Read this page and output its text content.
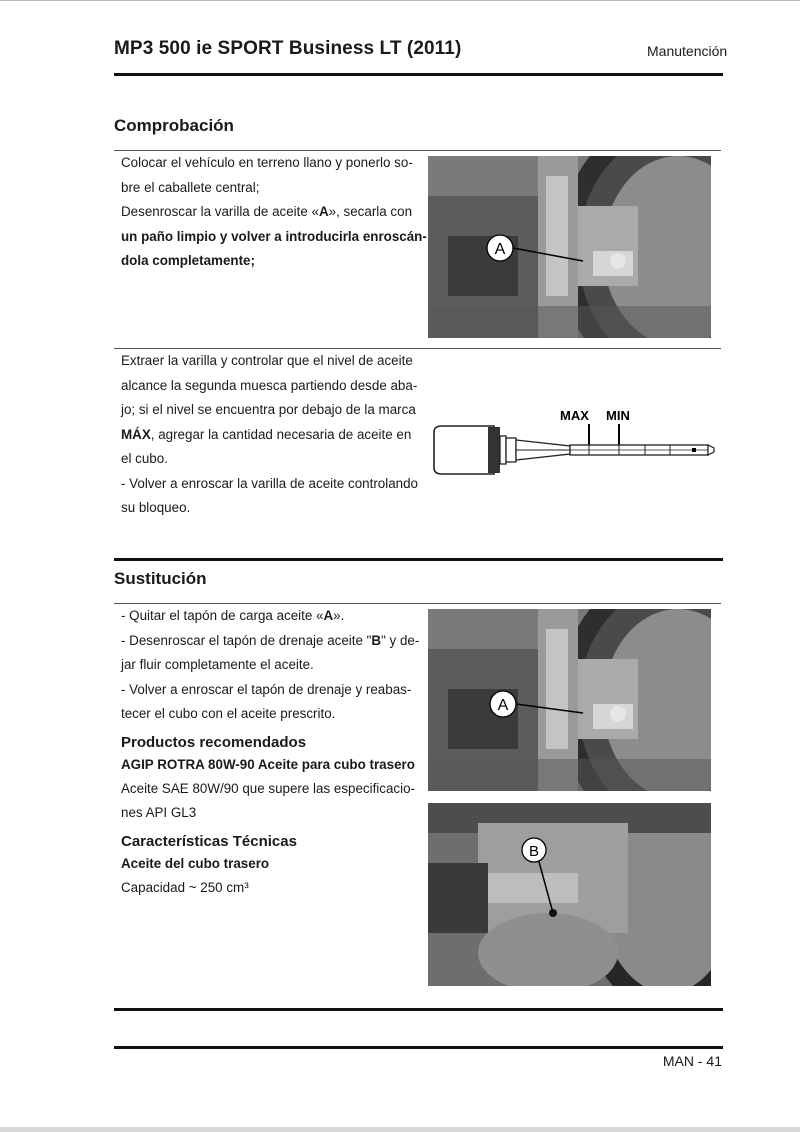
MP3 500 ie SPORT Business LT (2011)	Manutención
Comprobación
Colocar el vehículo en terreno llano y ponerlo so-
bre el caballete central;
Desenroscar la varilla de aceite «A», secarla con
un paño limpio y volver a introducirla enroscán-
dola completamente;
A
Extraer la varilla y controlar que el nivel de aceite
alcance la segunda muesca partiendo desde aba-
jo; si el nivel se encuentra por debajo de la marca
MÁX, agregar la cantidad necesaria de aceite en
el cubo.
- Volver a enroscar la varilla de aceite controlando
su bloqueo.
MAX MIN
Sustitución
- Quitar el tapón de carga aceite «A».
- Desenroscar el tapón de drenaje aceite "B" y de-
jar fluir completamente el aceite.
- Volver a enroscar el tapón de drenaje y reabas-
tecer el cubo con el aceite prescrito.
Productos recomendados
AGIP ROTRA 80W-90 Aceite para cubo trasero
Aceite SAE 80W/90 que supere las especificacio-
nes API GL3
Características Técnicas
Aceite del cubo trasero
Capacidad ~ 250 cm³
A
B
MAN - 41
